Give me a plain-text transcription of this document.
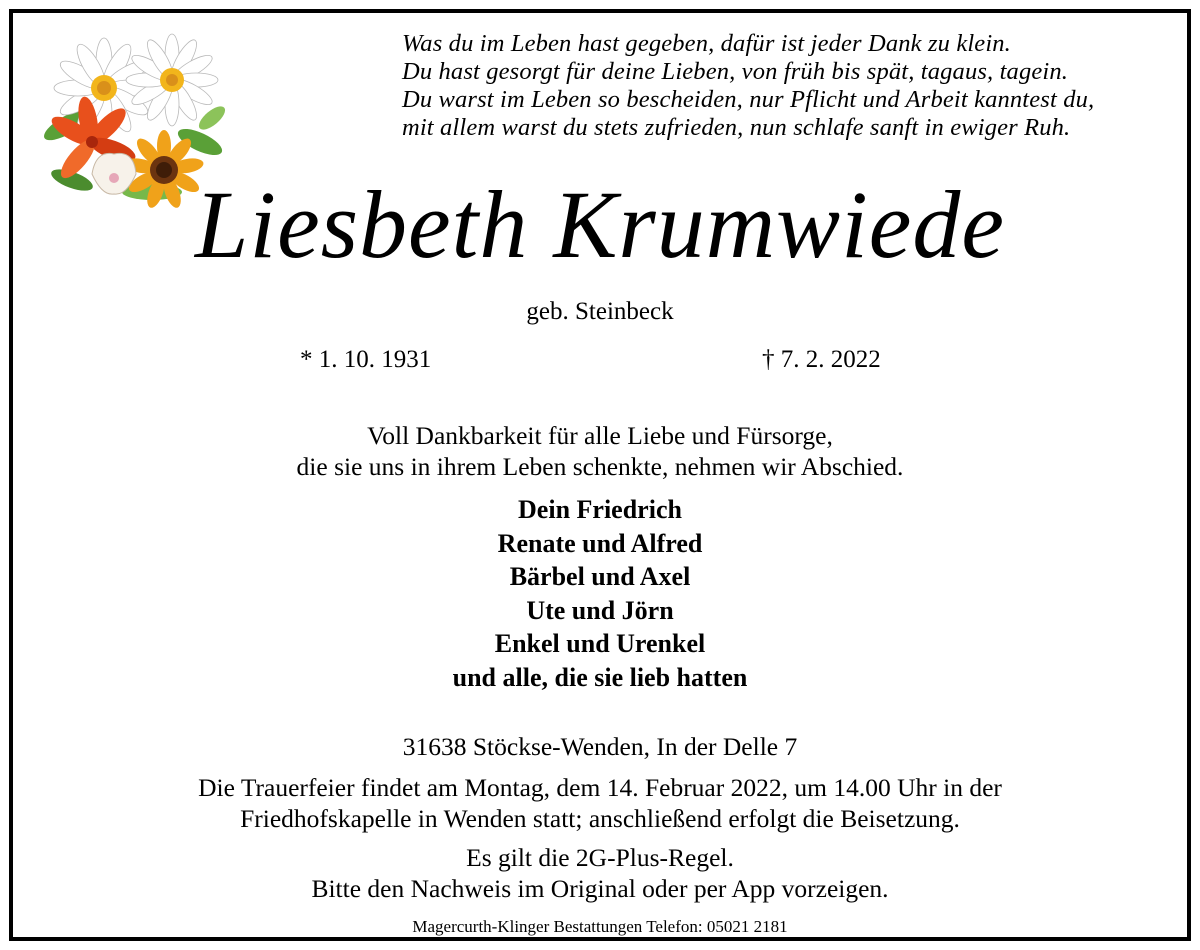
Was du im Leben hast gegeben, dafür ist jeder Dank zu klein.
Du hast gesorgt für deine Lieben, von früh bis spät, tagaus, tagein.
Du warst im Leben so bescheiden, nur Pflicht und Arbeit kanntest du,
mit allem warst du stets zufrieden, nun schlafe sanft in ewiger Ruh.
Liesbeth Krumwiede
geb. Steinbeck
* 1. 10. 1931	† 7. 2. 2022
Voll Dankbarkeit für alle Liebe und Fürsorge,
die sie uns in ihrem Leben schenkte, nehmen wir Abschied.
Dein Friedrich
Renate und Alfred
Bärbel und Axel
Ute und Jörn
Enkel und Urenkel
und alle, die sie lieb hatten
31638 Stöckse-Wenden, In der Delle 7
Die Trauerfeier findet am Montag, dem 14. Februar 2022, um 14.00 Uhr in der
Friedhofskapelle in Wenden statt; anschließend erfolgt die Beisetzung.
Es gilt die 2G-Plus-Regel.
Bitte den Nachweis im Original oder per App vorzeigen.
Magercurth-Klinger Bestattungen Telefon: 05021 2181
